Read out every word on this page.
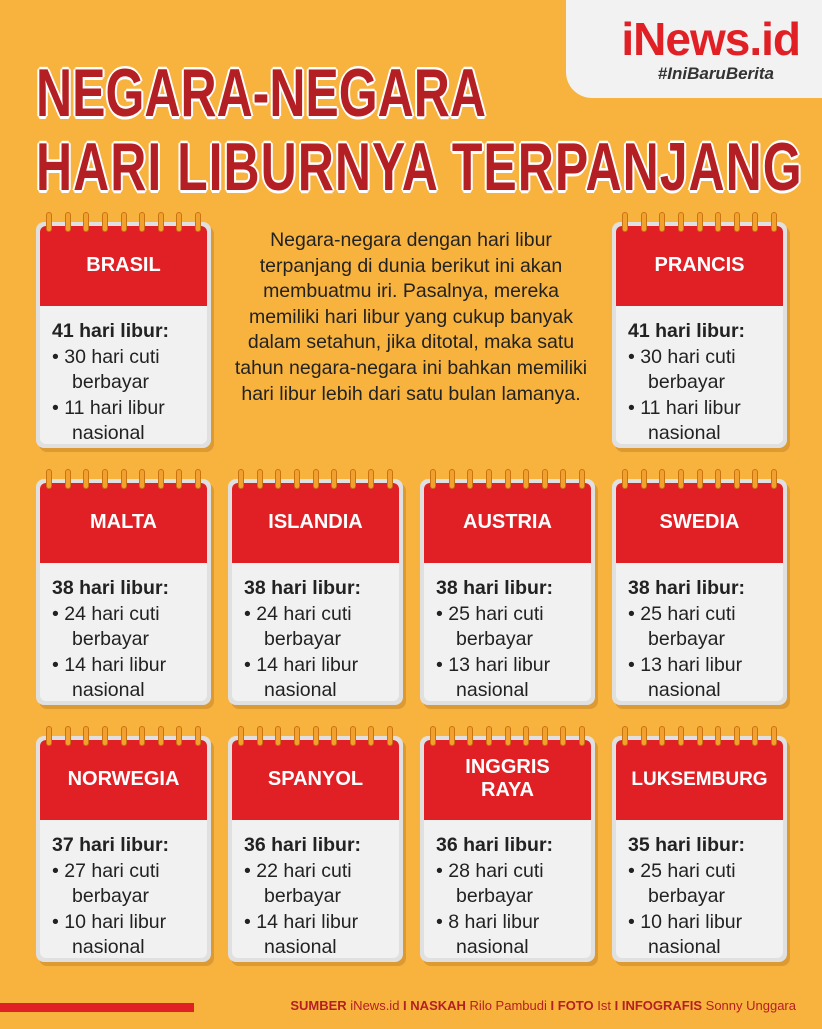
iNews.id
#IniBaruBerita
NEGARA-NEGARA
HARI LIBURNYA TERPANJANG
Negara-negara dengan hari libur terpanjang di dunia berikut ini akan membuatmu iri. Pasalnya, mereka memiliki hari libur yang cukup banyak dalam setahun, jika ditotal, maka satu tahun negara-negara ini bahkan memiliki hari libur lebih dari satu bulan lamanya.
BRASIL
41 hari libur:
• 30 hari cuti berbayar
• 11 hari libur nasional
PRANCIS
41 hari libur:
• 30 hari cuti berbayar
• 11 hari libur nasional
MALTA
38 hari libur:
• 24 hari cuti berbayar
• 14 hari libur nasional
ISLANDIA
38 hari libur:
• 24 hari cuti berbayar
• 14 hari libur nasional
AUSTRIA
38 hari libur:
• 25 hari cuti berbayar
• 13 hari libur nasional
SWEDIA
38 hari libur:
• 25 hari cuti berbayar
• 13 hari libur nasional
NORWEGIA
37 hari libur:
• 27 hari cuti berbayar
• 10 hari libur nasional
SPANYOL
36 hari libur:
• 22 hari cuti berbayar
• 14 hari libur nasional
INGGRIS RAYA
36 hari libur:
• 28 hari cuti berbayar
• 8 hari libur nasional
LUKSEMBURG
35 hari libur:
• 25 hari cuti berbayar
• 10 hari libur nasional
SUMBER iNews.id I NASKAH Rilo Pambudi I FOTO Ist I INFOGRAFIS Sonny Unggara
